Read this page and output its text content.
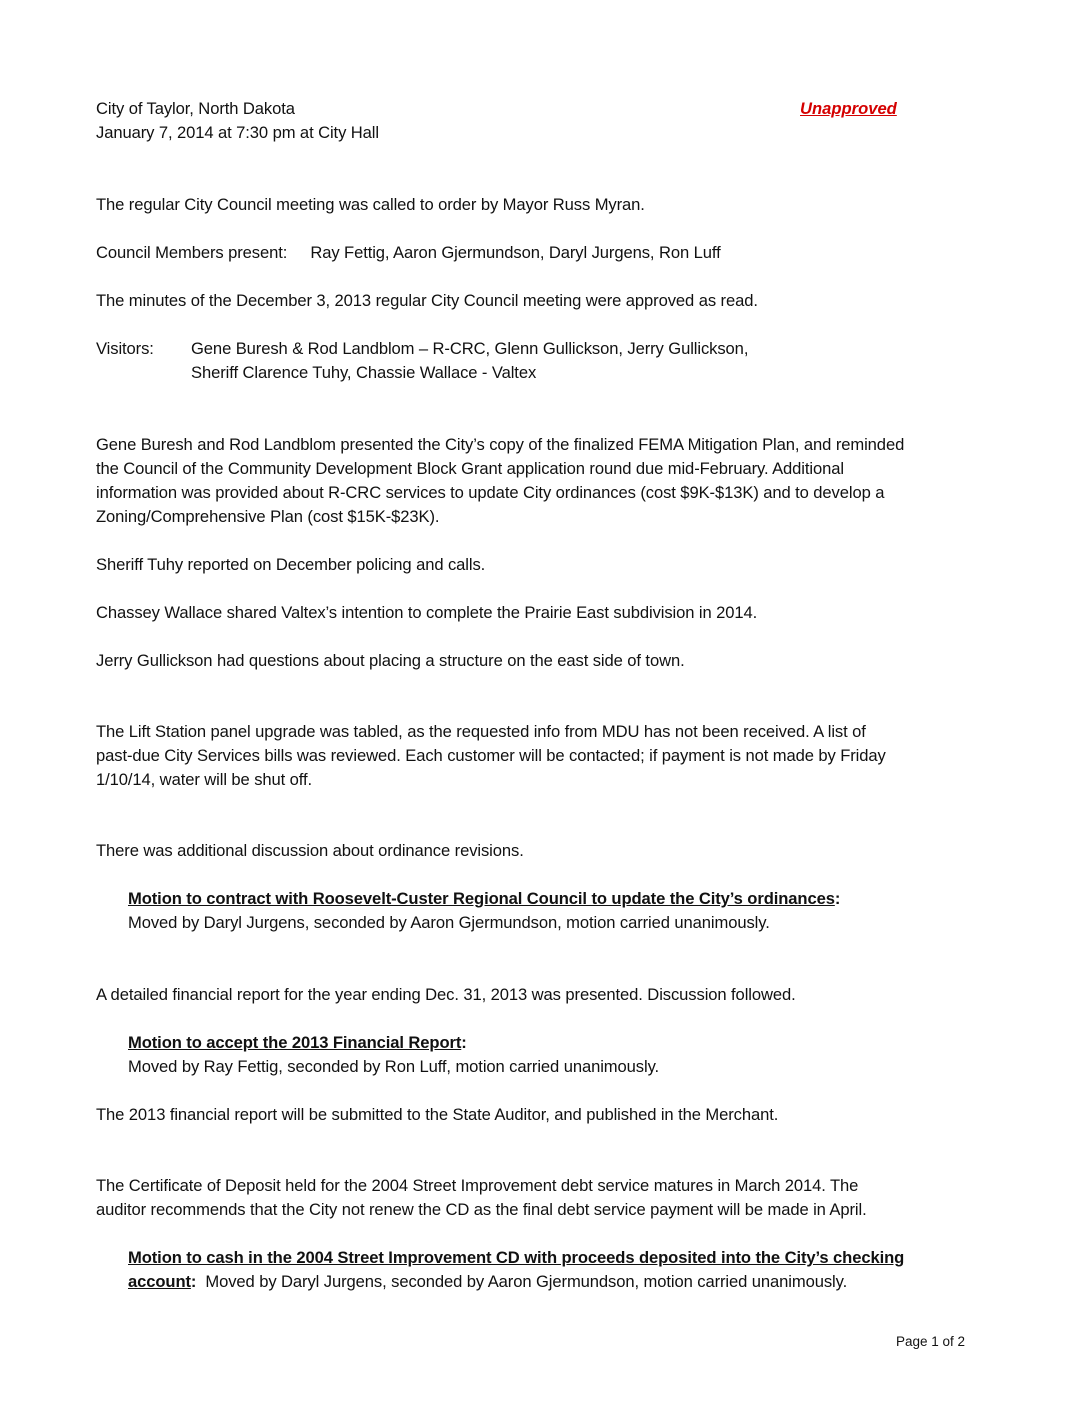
City of Taylor, North Dakota	Unapproved
January 7, 2014 at 7:30 pm at City Hall
The regular City Council meeting was called to order by Mayor Russ Myran.
Council Members present: Ray Fettig, Aaron Gjermundson, Daryl Jurgens, Ron Luff
The minutes of the December 3, 2013 regular City Council meeting were approved as read.
Visitors: Gene Buresh & Rod Landblom – R-CRC, Glenn Gullickson, Jerry Gullickson,
Sheriff Clarence Tuhy, Chassie Wallace - Valtex
Gene Buresh and Rod Landblom presented the City’s copy of the finalized FEMA Mitigation Plan, and reminded
the Council of the Community Development Block Grant application round due mid-February. Additional
information was provided about R-CRC services to update City ordinances (cost $9K-$13K) and to develop a
Zoning/Comprehensive Plan (cost $15K-$23K).
Sheriff Tuhy reported on December policing and calls.
Chassey Wallace shared Valtex’s intention to complete the Prairie East subdivision in 2014.
Jerry Gullickson had questions about placing a structure on the east side of town.
The Lift Station panel upgrade was tabled, as the requested info from MDU has not been received. A list of
past-due City Services bills was reviewed. Each customer will be contacted; if payment is not made by Friday
1/10/14, water will be shut off.
There was additional discussion about ordinance revisions.
Motion to contract with Roosevelt-Custer Regional Council to update the City’s ordinances:
Moved by Daryl Jurgens, seconded by Aaron Gjermundson, motion carried unanimously.
A detailed financial report for the year ending Dec. 31, 2013 was presented. Discussion followed.
Motion to accept the 2013 Financial Report:
Moved by Ray Fettig, seconded by Ron Luff, motion carried unanimously.
The 2013 financial report will be submitted to the State Auditor, and published in the Merchant.
The Certificate of Deposit held for the 2004 Street Improvement debt service matures in March 2014. The
auditor recommends that the City not renew the CD as the final debt service payment will be made in April.
Motion to cash in the 2004 Street Improvement CD with proceeds deposited into the City’s checking
account:  Moved by Daryl Jurgens, seconded by Aaron Gjermundson, motion carried unanimously.
Page 1 of 2
